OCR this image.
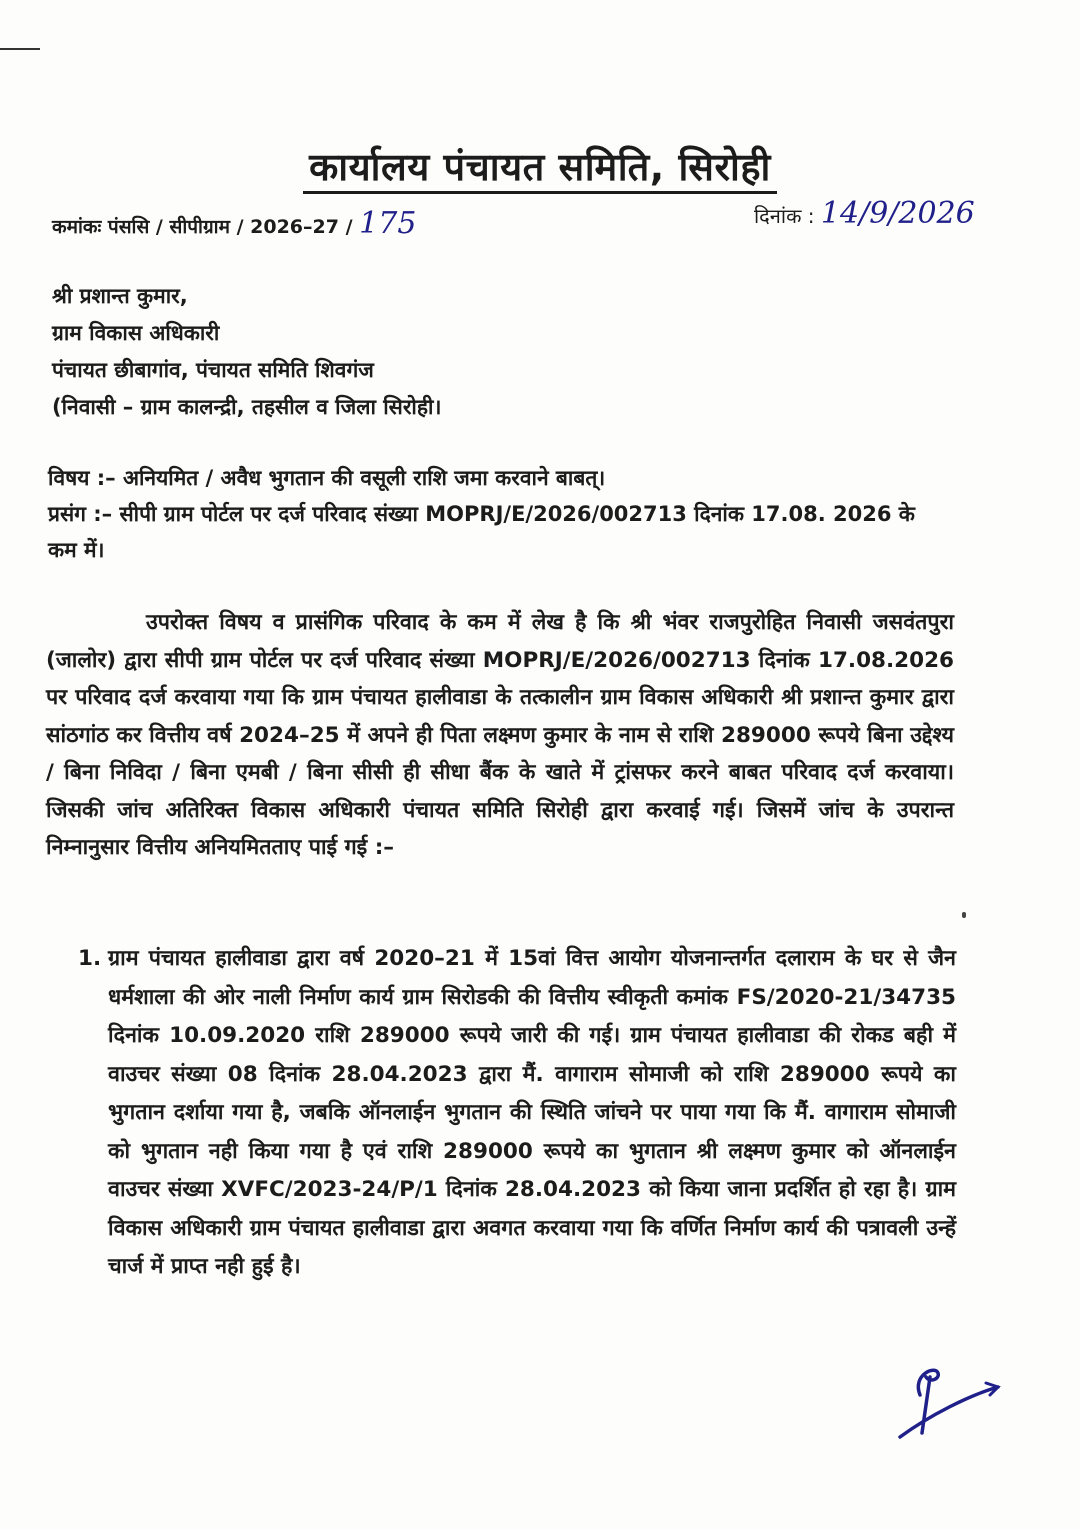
कार्यालय पंचायत समिति, सिरोही
कमांकः पंससि / सीपीग्राम / 2026–27 / 175	दिनांक : 14/9/2026
श्री प्रशान्त कुमार,
ग्राम विकास अधिकारी
पंचायत छीबागांव, पंचायत समिति शिवगंज
(निवासी – ग्राम कालन्द्री, तहसील व जिला सिरोही।
विषय :– अनियमित / अवैध भुगतान की वसूली राशि जमा करवाने बाबत्।
प्रसंग :– सीपी ग्राम पोर्टल पर दर्ज परिवाद संख्या MOPRJ/E/2026/002713 दिनांक 17.08. 2026 के कम में।
उपरोक्त विषय व प्रासंगिक परिवाद के कम में लेख है कि श्री भंवर राजपुरोहित निवासी जसवंतपुरा (जालोर) द्वारा सीपी ग्राम पोर्टल पर दर्ज परिवाद संख्या MOPRJ/E/2026/002713 दिनांक 17.08.2026 पर परिवाद दर्ज करवाया गया कि ग्राम पंचायत हालीवाडा के तत्कालीन ग्राम विकास अधिकारी श्री प्रशान्त कुमार द्वारा सांठगांठ कर वित्तीय वर्ष 2024–25 में अपने ही पिता लक्ष्मण कुमार के नाम से राशि 289000 रूपये बिना उद्देश्य / बिना निविदा / बिना एमबी / बिना सीसी ही सीधा बैंक के खाते में ट्रांसफर करने बाबत परिवाद दर्ज करवाया। जिसकी जांच अतिरिक्त विकास अधिकारी पंचायत समिति सिरोही द्वारा करवाई गई। जिसमें जांच के उपरान्त निम्नानुसार वित्तीय अनियमितताए पाई गई :–
1. ग्राम पंचायत हालीवाडा द्वारा वर्ष 2020–21 में 15वां वित्त आयोग योजनान्तर्गत दलाराम के घर से जैन धर्मशाला की ओर नाली निर्माण कार्य ग्राम सिरोडकी की वित्तीय स्वीकृती कमांक FS/2020-21/34735 दिनांक 10.09.2020 राशि 289000 रूपये जारी की गई। ग्राम पंचायत हालीवाडा की रोकड बही में वाउचर संख्या 08 दिनांक 28.04.2023 द्वारा मैं. वागाराम सोमाजी को राशि 289000 रूपये का भुगतान दर्शाया गया है, जबकि ऑनलाईन भुगतान की स्थिति जांचने पर पाया गया कि मैं. वागाराम सोमाजी को भुगतान नही किया गया है एवं राशि 289000 रूपये का भुगतान श्री लक्ष्मण कुमार को ऑनलाईन वाउचर संख्या XVFC/2023-24/P/1 दिनांक 28.04.2023 को किया जाना प्रदर्शित हो रहा है। ग्राम विकास अधिकारी ग्राम पंचायत हालीवाडा द्वारा अवगत करवाया गया कि वर्णित निर्माण कार्य की पत्रावली उन्हें चार्ज में प्राप्त नही हुई है।
